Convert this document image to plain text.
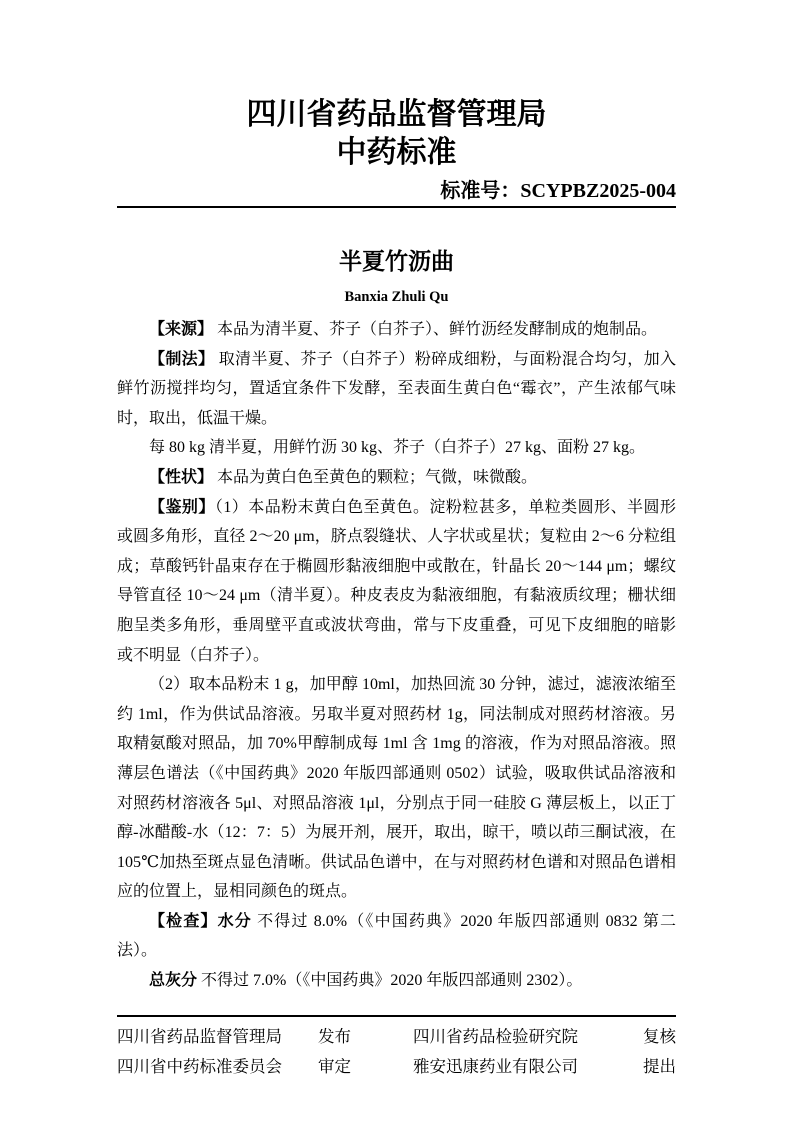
四川省药品监督管理局
中药标准
标准号：SCYPBZ2025-004
半夏竹沥曲
Banxia Zhuli Qu

【来源】 本品为清半夏、芥子（白芥子）、鲜竹沥经发酵制成的炮制品。

【制法】 取清半夏、芥子（白芥子）粉碎成细粉，与面粉混合均匀，加入鲜竹沥搅拌均匀，置适宜条件下发酵，至表面生黄白色“霉衣”，产生浓郁气味时，取出，低温干燥。

每 80 kg 清半夏，用鲜竹沥 30 kg、芥子（白芥子）27 kg、面粉 27 kg。

【性状】 本品为黄白色至黄色的颗粒；气微，味微酸。

【鉴别】（1）本品粉末黄白色至黄色。淀粉粒甚多，单粒类圆形、半圆形或圆多角形，直径 2～20 μm，脐点裂缝状、人字状或星状；复粒由 2～6 分粒组成；草酸钙针晶束存在于椭圆形黏液细胞中或散在，针晶长 20～144 μm；螺纹导管直径 10～24 μm（清半夏）。种皮表皮为黏液细胞，有黏液质纹理；栅状细胞呈类多角形，垂周壁平直或波状弯曲，常与下皮重叠，可见下皮细胞的暗影或不明显（白芥子）。

（2）取本品粉末 1 g，加甲醇 10ml，加热回流 30 分钟，滤过，滤液浓缩至约 1ml，作为供试品溶液。另取半夏对照药材 1g，同法制成对照药材溶液。另取精氨酸对照品，加 70%甲醇制成每 1ml 含 1mg 的溶液，作为对照品溶液。照薄层色谱法（《中国药典》2020 年版四部通则 0502）试验，吸取供试品溶液和对照药材溶液各 5μl、对照品溶液 1μl，分别点于同一硅胶 G 薄层板上，以正丁醇-冰醋酸-水（12：7：5）为展开剂，展开，取出，晾干，喷以茚三酮试液，在 105℃加热至斑点显色清晰。供试品色谱中，在与对照药材色谱和对照品色谱相应的位置上，显相同颜色的斑点。

【检查】水分 不得过 8.0%（《中国药典》2020 年版四部通则 0832 第二法）。

总灰分 不得过 7.0%（《中国药典》2020 年版四部通则 2302）。

四川省药品监督管理局	发布	四川省药品检验研究院	复核
四川省中药标准委员会	审定	雅安迅康药业有限公司	提出
